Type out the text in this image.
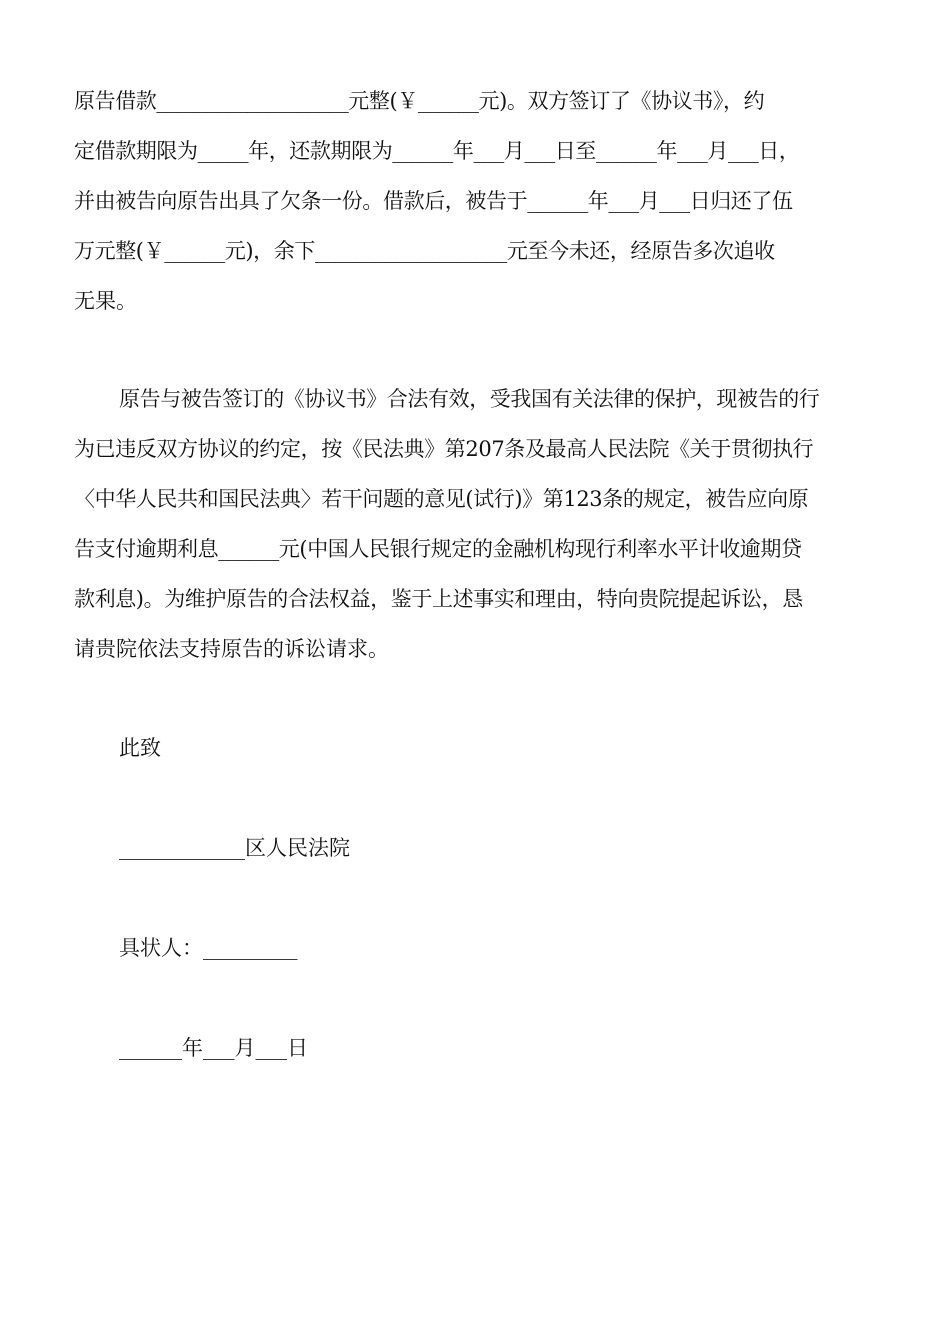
原告借款___________________元整(￥______元)。双方签订了《协议书》，约
定借款期限为_____年，还款期限为______年___月___日至______年___月___日，
并由被告向原告出具了欠条一份。借款后，被告于______年___月___日归还了伍
万元整(￥______元)，余下___________________元至今未还，经原告多次追收
无果。
原告与被告签订的《协议书》合法有效，受我国有关法律的保护，现被告的行
为已违反双方协议的约定，按《民法典》第207条及最高人民法院《关于贯彻执行
〈中华人民共和国民法典〉若干问题的意见(试行)》第123条的规定，被告应向原
告支付逾期利息______元(中国人民银行规定的金融机构现行利率水平计收逾期贷
款利息)。为维护原告的合法权益，鉴于上述事实和理由，特向贵院提起诉讼，恳
请贵院依法支持原告的诉讼请求。
此致
____________区人民法院
具状人：_________
______年___月___日
